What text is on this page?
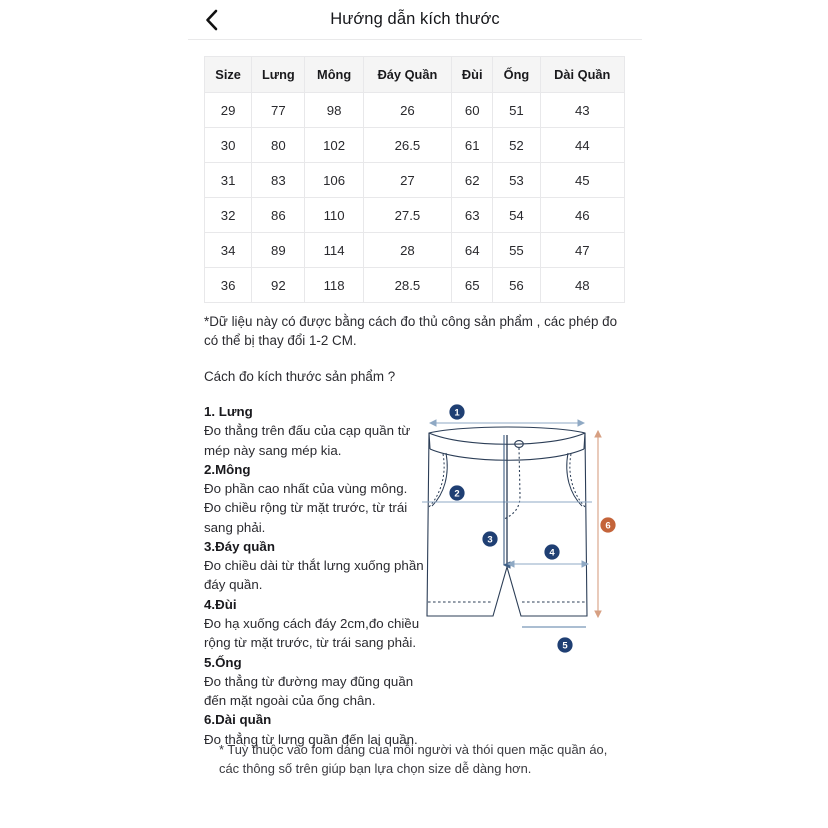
Hướng dẫn kích thước
Size	Lưng	Mông	Đáy Quần	Đùi	Ống	Dài Quần
29	77	98	26	60	51	43
30	80	102	26.5	61	52	44
31	83	106	27	62	53	45
32	86	110	27.5	63	54	46
34	89	114	28	64	55	47
36	92	118	28.5	65	56	48
*Dữ liệu này có được bằng cách đo thủ công sản phẩm , các phép đo có thể bị thay đổi 1-2 CM.
Cách đo kích thước sản phẩm ?
1. Lưng
Đo thẳng trên đấu của cạp quần từ mép này sang mép kia.
2.Mông
Đo phần cao nhất của vùng mông. Đo chiều rộng từ mặt trước, từ trái sang phải.
3.Đáy quần
Đo chiều dài từ thắt lưng xuống phần đáy quần.
4.Đùi
Đo hạ xuống cách đáy 2cm,đo chiều rộng từ mặt trước, từ trái sang phải.
5.Ống
Đo thẳng từ đường may đũng quần đến mặt ngoài của ống chân.
6.Dài quần
Đo thẳng từ lưng quần đến lai quần.
1
2
3
4
5
6
* Tuỳ thuộc vào fom dáng của mỗi người và thói quen mặc quần áo, các thông số trên giúp bạn lựa chọn size dễ dàng hơn.
